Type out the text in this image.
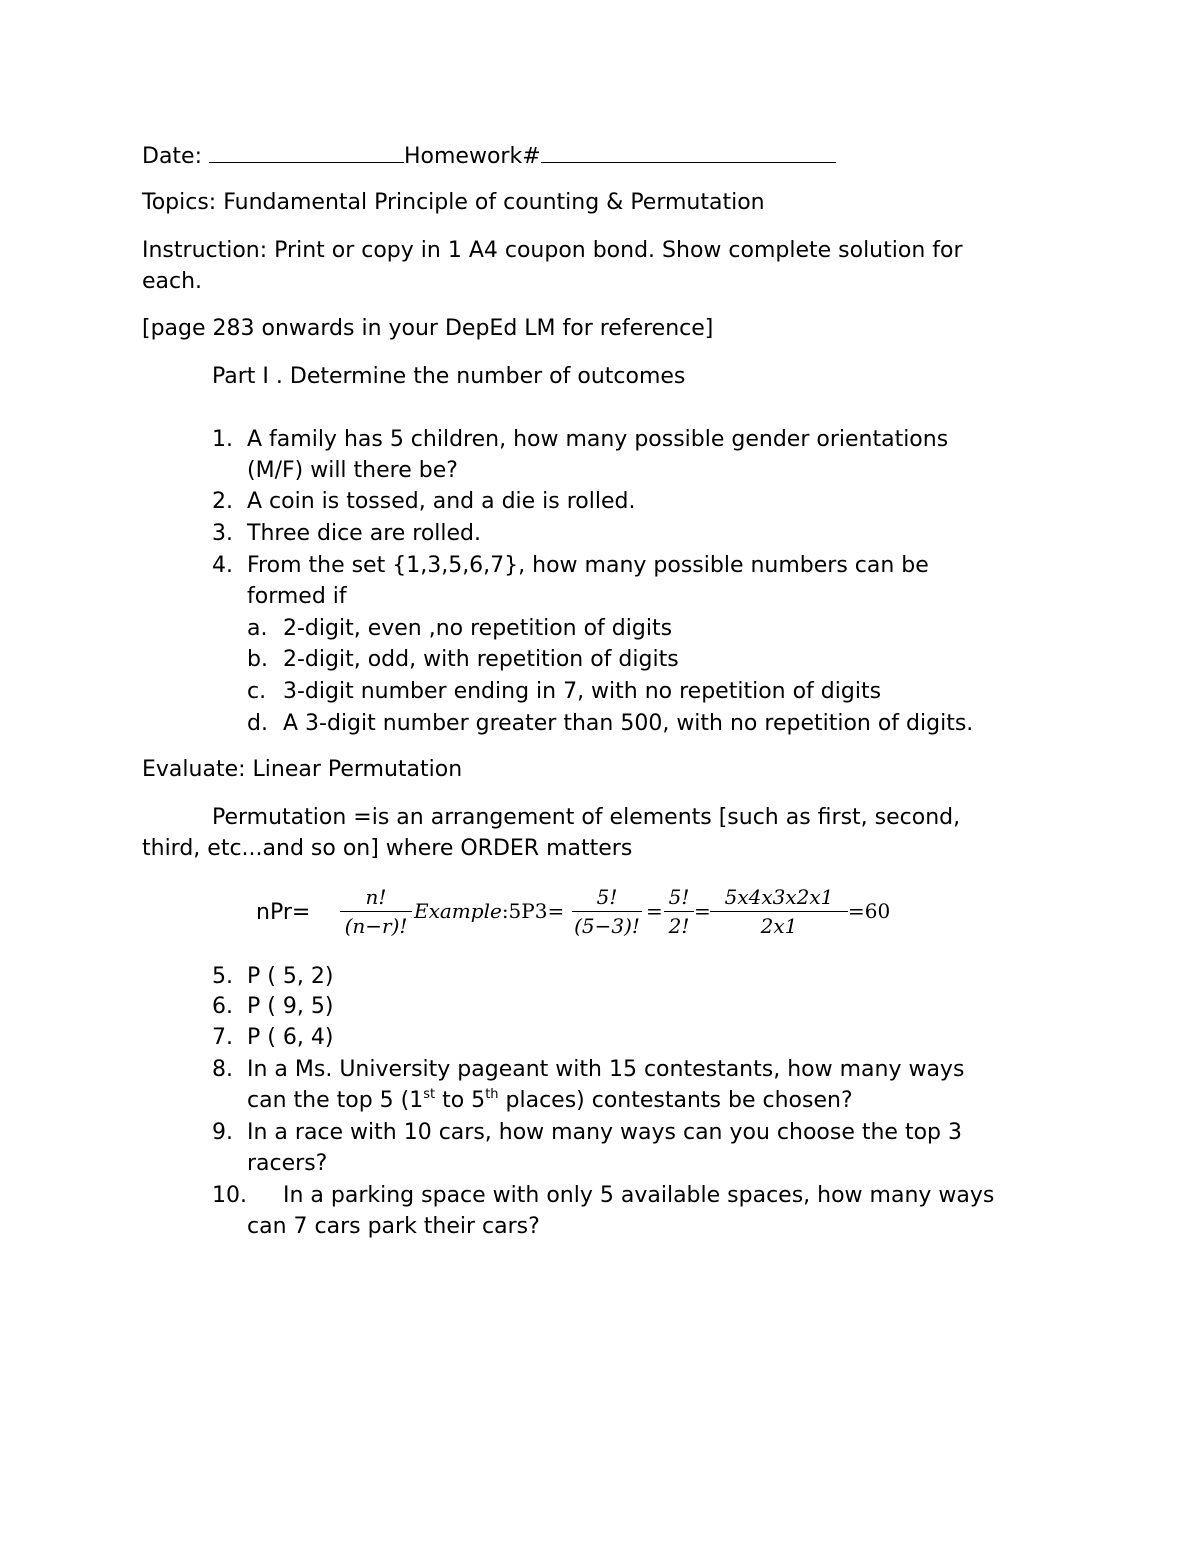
Date:	Homework#
Topics: Fundamental Principle of counting & Permutation
Instruction: Print or copy in 1 A4 coupon bond. Show complete solution for
each.
[page 283 onwards in your DepEd LM for reference]
Part I . Determine the number of outcomes
1. A family has 5 children, how many possible gender orientations
(M/F) will there be?
2. A coin is tossed, and a die is rolled.
3. Three dice are rolled.
4. From the set {1,3,5,6,7}, how many possible numbers can be
formed if
a. 2-digit, even ,no repetition of digits
b. 2-digit, odd, with repetition of digits
c. 3-digit number ending in 7, with no repetition of digits
d. A 3-digit number greater than 500, with no repetition of digits.
Evaluate: Linear Permutation
Permutation =is an arrangement of elements [such as first, second,
third, etc...and so on] where ORDER matters
nPr=
n!
(n−r)!
Example:5P3=
5!
(5−3)!
=
5!
2!
=
5x4x3x2x1
2x1
=60
5. P ( 5, 2)
6. P ( 9, 5)
7. P ( 6, 4)
8. In a Ms. University pageant with 15 contestants, how many ways
can the top 5 (1st to 5th places) contestants be chosen?
9. In a race with 10 cars, how many ways can you choose the top 3
racers?
10. In a parking space with only 5 available spaces, how many ways
can 7 cars park their cars?
